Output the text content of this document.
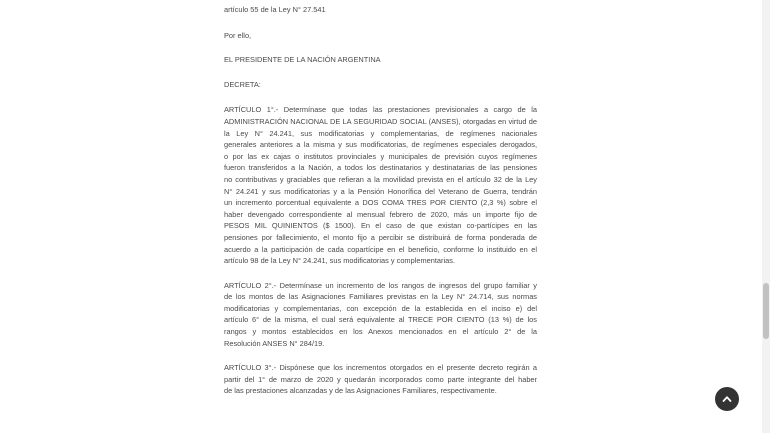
artículo 55 de la Ley N° 27.541
Por ello,
EL PRESIDENTE DE LA NACIÓN ARGENTINA
DECRETA:
ARTÍCULO 1°.- Determínase que todas las prestaciones previsionales a cargo de la
ADMINISTRACIÓN NACIONAL DE LA SEGURIDAD SOCIAL (ANSES), otorgadas en virtud de
la Ley N° 24.241, sus modificatorias y complementarias, de regímenes nacionales
generales anteriores a la misma y sus modificatorias, de regímenes especiales derogados,
o por las ex cajas o institutos provinciales y municipales de previsión cuyos regímenes
fueron transferidos a la Nación, a todos los destinatarios y destinatarias de las pensiones
no contributivas y graciables que refieran a la movilidad prevista en el artículo 32 de la Ley
N° 24.241 y sus modificatorias y a la Pensión Honorífica del Veterano de Guerra, tendrán
un incremento porcentual equivalente a DOS COMA TRES POR CIENTO (2,3 %) sobre el
haber devengado correspondiente al mensual febrero de 2020, más un importe fijo de
PESOS MIL QUINIENTOS ($ 1500). En el caso de que existan co-partícipes en las
pensiones por fallecimiento, el monto fijo a percibir se distribuirá de forma ponderada de
acuerdo a la participación de cada copartícipe en el beneficio, conforme lo instituido en el
artículo 98 de la Ley N° 24.241, sus modificatorias y complementarias.
ARTÍCULO 2°.- Determínase un incremento de los rangos de ingresos del grupo familiar y
de los montos de las Asignaciones Familiares previstas en la Ley N° 24.714, sus normas
modificatorias y complementarias, con excepción de la establecida en el inciso e) del
artículo 6° de la misma, el cual será equivalente al TRECE POR CIENTO (13 %) de los
rangos y montos establecidos en los Anexos mencionados en el artículo 2° de la
Resolución ANSES N° 284/19.
ARTÍCULO 3°.- Dispónese que los incrementos otorgados en el presente decreto regirán a
partir del 1° de marzo de 2020 y quedarán incorporados como parte integrante del haber
de las prestaciones alcanzadas y de las Asignaciones Familiares, respectivamente.
